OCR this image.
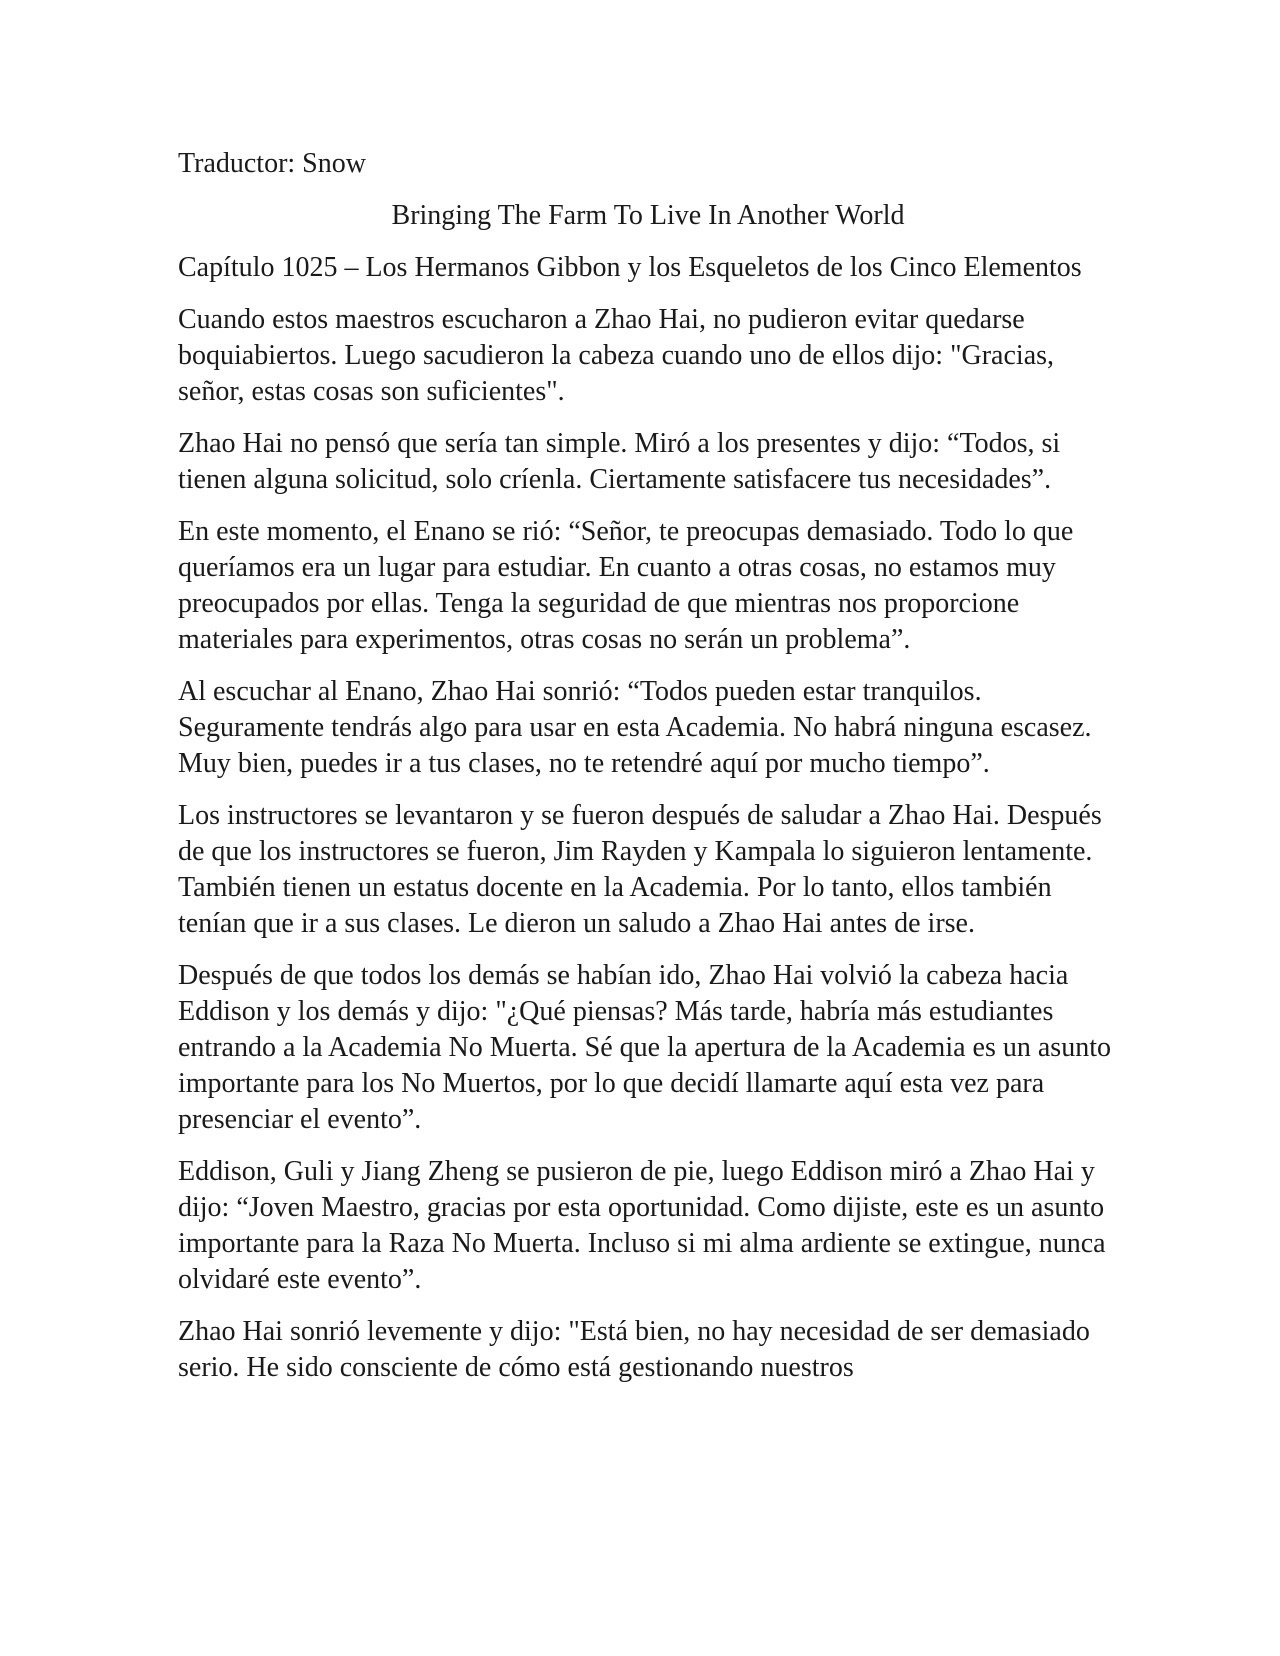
Traductor: Snow

Bringing The Farm To Live In Another World

Capítulo 1025 – Los Hermanos Gibbon y los Esqueletos de los Cinco Elementos

Cuando estos maestros escucharon a Zhao Hai, no pudieron evitar quedarse boquiabiertos. Luego sacudieron la cabeza cuando uno de ellos dijo: "Gracias, señor, estas cosas son suficientes".

Zhao Hai no pensó que sería tan simple. Miró a los presentes y dijo: “Todos, si tienen alguna solicitud, solo críenla. Ciertamente satisfacere tus necesidades”.

En este momento, el Enano se rió: “Señor, te preocupas demasiado. Todo lo que queríamos era un lugar para estudiar. En cuanto a otras cosas, no estamos muy preocupados por ellas. Tenga la seguridad de que mientras nos proporcione materiales para experimentos, otras cosas no serán un problema”.

Al escuchar al Enano, Zhao Hai sonrió: “Todos pueden estar tranquilos. Seguramente tendrás algo para usar en esta Academia. No habrá ninguna escasez. Muy bien, puedes ir a tus clases, no te retendré aquí por mucho tiempo”.

Los instructores se levantaron y se fueron después de saludar a Zhao Hai. Después de que los instructores se fueron, Jim Rayden y Kampala lo siguieron lentamente. También tienen un estatus docente en la Academia. Por lo tanto, ellos también tenían que ir a sus clases. Le dieron un saludo a Zhao Hai antes de irse.

Después de que todos los demás se habían ido, Zhao Hai volvió la cabeza hacia Eddison y los demás y dijo: "¿Qué piensas? Más tarde, habría más estudiantes entrando a la Academia No Muerta. Sé que la apertura de la Academia es un asunto importante para los No Muertos, por lo que decidí llamarte aquí esta vez para presenciar el evento”.

Eddison, Guli y Jiang Zheng se pusieron de pie, luego Eddison miró a Zhao Hai y dijo: “Joven Maestro, gracias por esta oportunidad. Como dijiste, este es un asunto importante para la Raza No Muerta. Incluso si mi alma ardiente se extingue, nunca olvidaré este evento”.

Zhao Hai sonrió levemente y dijo: "Está bien, no hay necesidad de ser demasiado serio. He sido consciente de cómo está gestionando nuestros
